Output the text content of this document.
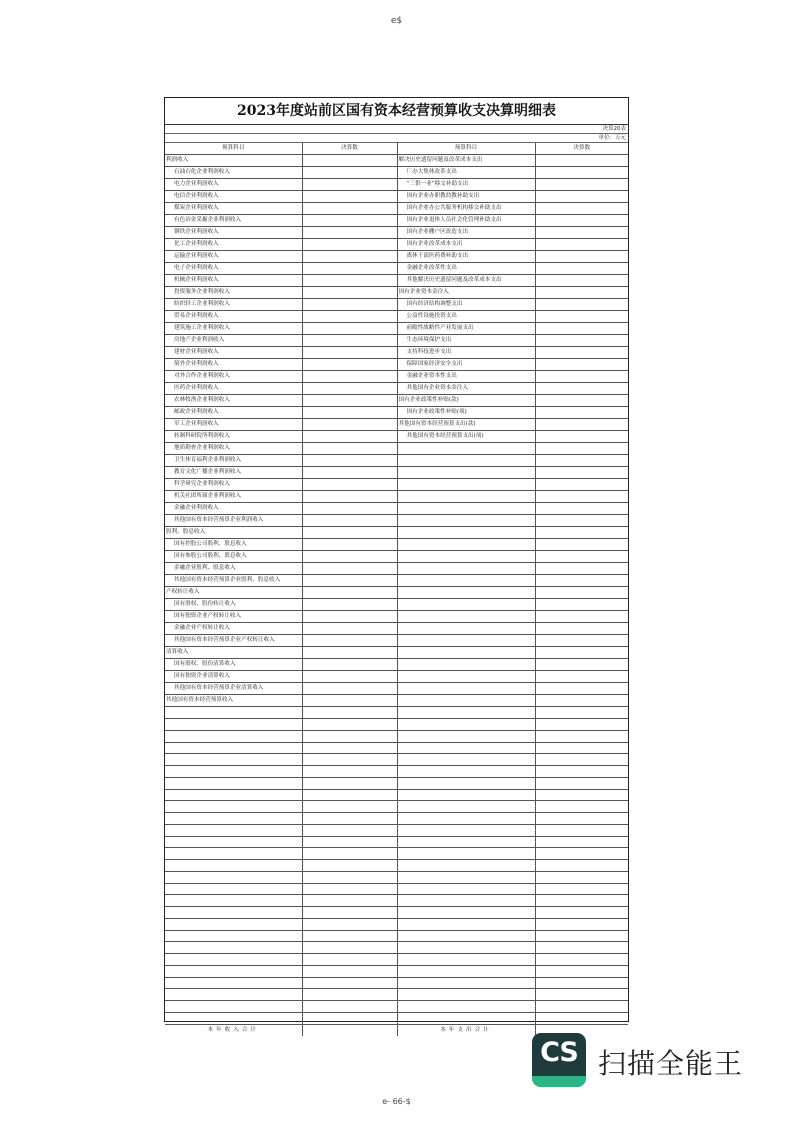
e$
2023年度站前区国有资本经营预算收支决算明细表
决算20表
单位：万元
预算科目	决算数	预算科目	决算数
利润收入		解决历史遗留问题及改革成本支出	
石油石化企业利润收入		厂办大集体改革支出	
电力企业利润收入		“三供一业”移交补助支出	
电信企业利润收入		国有企业办职教幼教补助支出	
煤炭企业利润收入		国有企业办公共服务机构移交补助支出	
有色冶金采掘企业利润收入		国有企业退休人员社会化管理补助支出	
钢铁企业利润收入		国有企业棚户区改造支出	
化工企业利润收入		国有企业改革成本支出	
运输企业利润收入		离休干部医药费补助支出	
电子企业利润收入		金融企业改革性支出	
机械企业利润收入		其他解决历史遗留问题及改革成本支出	
投资服务企业利润收入		国有企业资本金注入	
纺织轻工企业利润收入		国有经济结构调整支出	
贸易企业利润收入		公益性设施投资支出	
建筑施工企业利润收入		前瞻性战略性产业发展支出	
房地产企业利润收入		生态环境保护支出	
建材企业利润收入		支持科技进步支出	
境外企业利润收入		保障国家经济安全支出	
对外合作企业利润收入		金融企业资本性支出	
医药企业利润收入		其他国有企业资本金注入	
农林牧渔企业利润收入		国有企业政策性补贴(款)	
邮政企业利润收入		国有企业政策性补贴(项)	
军工企业利润收入		其他国有资本经营预算支出(款)	
转制科研院所利润收入		其他国有资本经营预算支出(项)	
地质勘查企业利润收入			
卫生体育福利企业利润收入			
教育文化广播企业利润收入			
科学研究企业利润收入			
机关社团所属企业利润收入			
金融企业利润收入			
其他国有资本经营预算企业利润收入			
股利、股息收入			
国有控股公司股利、股息收入			
国有参股公司股利、股息收入			
金融企业股利、股息收入			
其他国有资本经营预算企业股利、股息收入			
产权转让收入			
国有股权、股份转让收入			
国有独资企业产权转让收入			
金融企业产权转让收入			
其他国有资本经营预算企业产权转让收入			
清算收入			
国有股权、股份清算收入			
国有独资企业清算收入			
其他国有资本经营预算企业清算收入			
其他国有资本经营预算收入			

本年收入合计		本年支出合计	
CS 扫描全能王
e- 66-$
